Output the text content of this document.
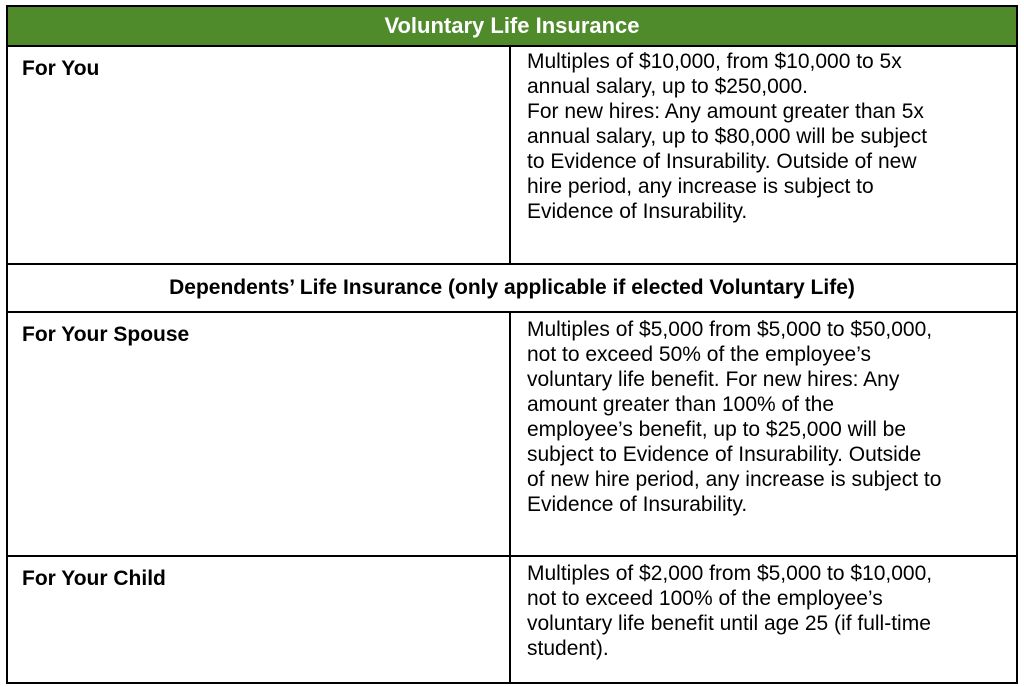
Voluntary Life Insurance
For You	Multiples of $10,000, from $10,000 to 5x
annual salary, up to $250,000.
For new hires: Any amount greater than 5x
annual salary, up to $80,000 will be subject
to Evidence of Insurability. Outside of new
hire period, any increase is subject to
Evidence of Insurability.
Dependents’ Life Insurance (only applicable if elected Voluntary Life)
For Your Spouse	Multiples of $5,000 from $5,000 to $50,000,
not to exceed 50% of the employee’s
voluntary life benefit. For new hires: Any
amount greater than 100% of the
employee’s benefit, up to $25,000 will be
subject to Evidence of Insurability. Outside
of new hire period, any increase is subject to
Evidence of Insurability.
For Your Child	Multiples of $2,000 from $5,000 to $10,000,
not to exceed 100% of the employee’s
voluntary life benefit until age 25 (if full-time
student).
